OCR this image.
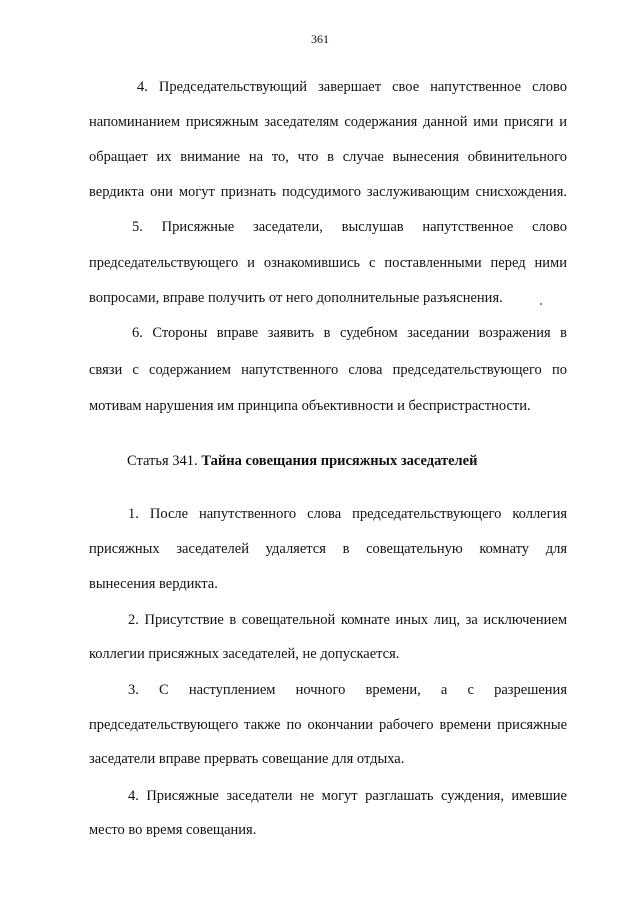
361
4. Председательствующий завершает свое напутственное слово
напоминанием присяжным заседателям содержания данной ими присяги и
обращает их внимание на то, что в случае вынесения обвинительного
вердикта они могут признать подсудимого заслуживающим снисхождения.
5. Присяжные заседатели, выслушав напутственное слово
председательствующего и ознакомившись с поставленными перед ними
вопросами, вправе получить от него дополнительные разъяснения.
6. Стороны вправе заявить в судебном заседании возражения в
связи с содержанием напутственного слова председательствующего по
мотивам нарушения им принципа объективности и беспристрастности.
Статья 341. Тайна совещания присяжных заседателей
1. После напутственного слова председательствующего коллегия
присяжных заседателей удаляется в совещательную комнату для
вынесения вердикта.
2. Присутствие в совещательной комнате иных лиц, за исключением
коллегии присяжных заседателей, не допускается.
3. С наступлением ночного времени, а с разрешения
председательствующего также по окончании рабочего времени присяжные
заседатели вправе прервать совещание для отдыха.
4. Присяжные заседатели не могут разглашать суждения, имевшие
место во время совещания.
